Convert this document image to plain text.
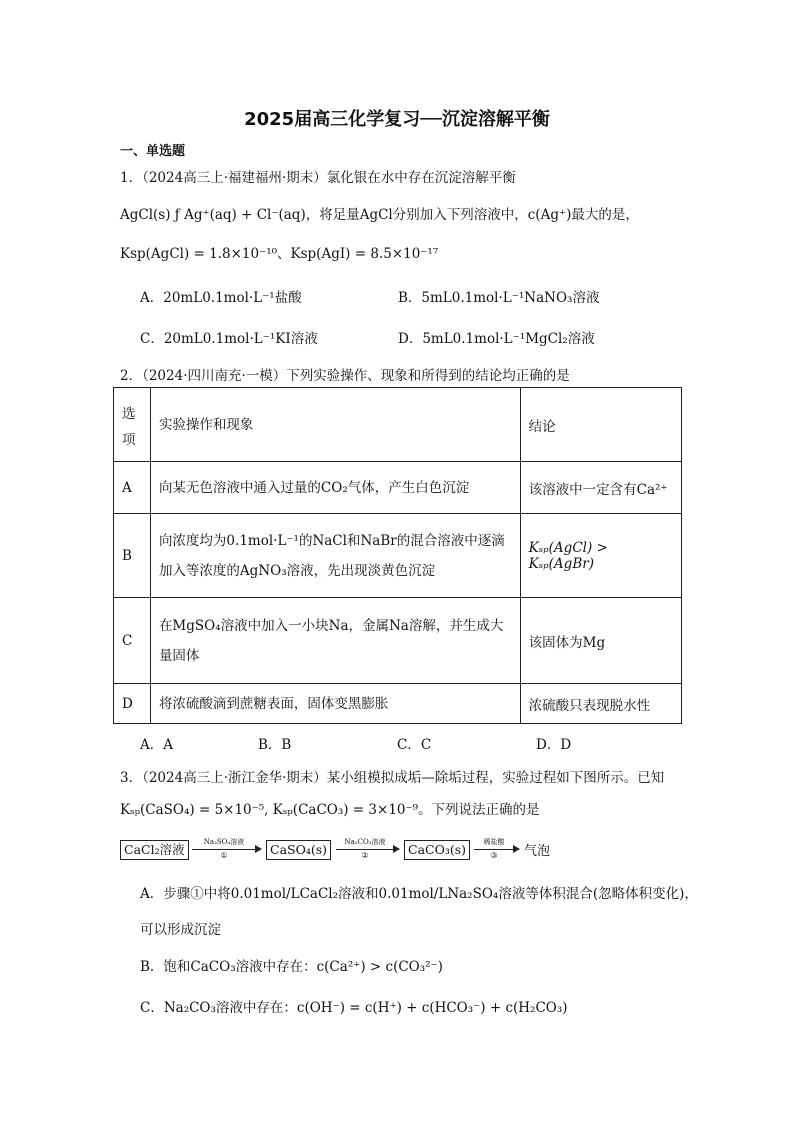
2025届高三化学复习──沉淀溶解平衡
一、单选题
1．（2024高三上·福建福州·期末）氯化银在水中存在沉淀溶解平衡
AgCl(s) ƒ Ag⁺(aq) + Cl⁻(aq)，将足量AgCl分别加入下列溶液中，c(Ag⁺)最大的是，
Ksp(AgCl) = 1.8×10⁻¹⁰、Ksp(AgI) = 8.5×10⁻¹⁷
A．20mL0.1mol·L⁻¹盐酸	B．5mL0.1mol·L⁻¹NaNO₃溶液
C．20mL0.1mol·L⁻¹KI溶液	D．5mL0.1mol·L⁻¹MgCl₂溶液
2．（2024·四川南充·一模）下列实验操作、现象和所得到的结论均正确的是
选
项	实验操作和现象	结论
A	向某无色溶液中通入过量的CO₂气体，产生白色沉淀	该溶液中一定含有Ca²⁺
B	向浓度均为0.1mol·L⁻¹的NaCl和NaBr的混合溶液中逐滴
加入等浓度的AgNO₃溶液，先出现淡黄色沉淀	Kₛₚ(AgCl) > Kₛₚ(AgBr)
C	在MgSO₄溶液中加入一小块Na，金属Na溶解，并生成大
量固体	该固体为Mg
D	将浓硫酸滴到蔗糖表面，固体变黑膨胀	浓硫酸只表现脱水性
A．A	B．B	C．C	D．D
3．（2024高三上·浙江金华·期末）某小组模拟成垢—除垢过程，实验过程如下图所示。已知
Kₛₚ(CaSO₄) = 5×10⁻⁵, Kₛₚ(CaCO₃) = 3×10⁻⁹。下列说法正确的是
CaCl₂溶液	Na₂SO₄溶液
①	CaSO₄(s)	Na₂CO₃溶液
②	CaCO₃(s)	稀盐酸
③	气泡
A．步骤①中将0.01mol/LCaCl₂溶液和0.01mol/LNa₂SO₄溶液等体积混合(忽略体积变化)，
可以形成沉淀
B．饱和CaCO₃溶液中存在：c(Ca²⁺) > c(CO₃²⁻)
C．Na₂CO₃溶液中存在：c(OH⁻) = c(H⁺) + c(HCO₃⁻) + c(H₂CO₃)
